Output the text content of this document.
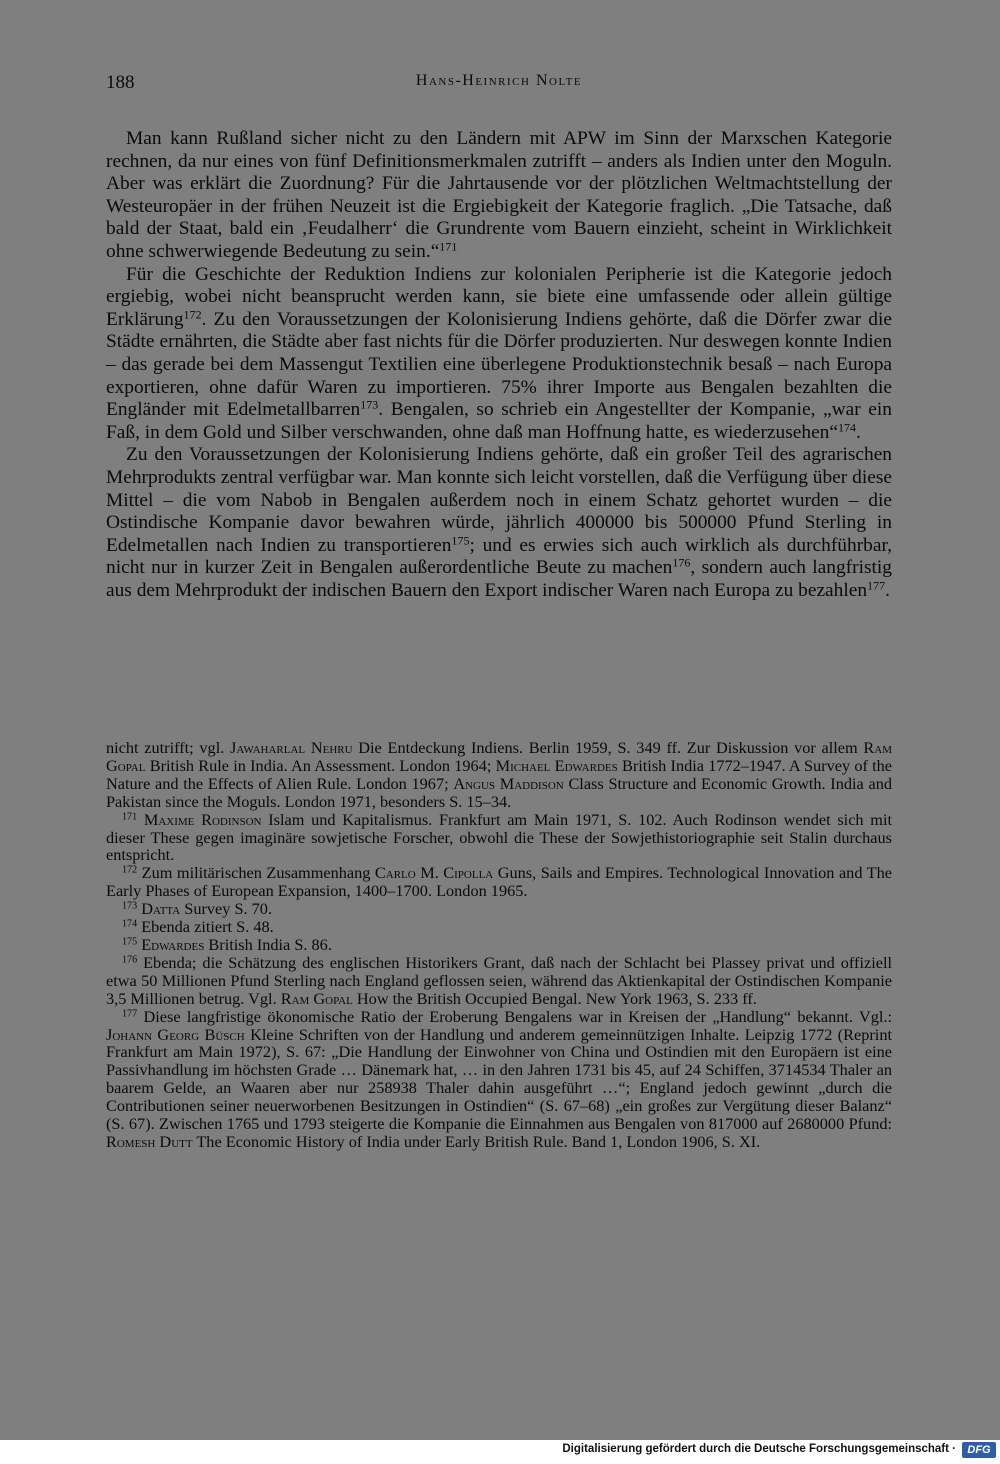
188	Hans-Heinrich Nolte

Man kann Rußland sicher nicht zu den Ländern mit APW im Sinn der Marxschen Kategorie rechnen, da nur eines von fünf Definitionsmerkmalen zutrifft – anders als Indien unter den Moguln. Aber was erklärt die Zuordnung? Für die Jahrtausende vor der plötzlichen Weltmachtstellung der Westeuropäer in der frühen Neuzeit ist die Ergiebigkeit der Kategorie fraglich. „Die Tatsache, daß bald der Staat, bald ein ‚Feudalherr‘ die Grundrente vom Bauern einzieht, scheint in Wirklichkeit ohne schwerwiegende Bedeutung zu sein.“$^{171}$

Für die Geschichte der Reduktion Indiens zur kolonialen Peripherie ist die Kategorie jedoch ergiebig, wobei nicht beansprucht werden kann, sie biete eine umfassende oder allein gültige Erklärung$^{172}$. Zu den Voraussetzungen der Kolonisierung Indiens gehörte, daß die Dörfer zwar die Städte ernährten, die Städte aber fast nichts für die Dörfer produzierten. Nur deswegen konnte Indien – das gerade bei dem Massengut Textilien eine überlegene Produktionstechnik besaß – nach Europa exportieren, ohne dafür Waren zu importieren. 75% ihrer Importe aus Bengalen bezahlten die Engländer mit Edelmetallbarren$^{173}$. Bengalen, so schrieb ein Angestellter der Kompanie, „war ein Faß, in dem Gold und Silber verschwanden, ohne daß man Hoffnung hatte, es wiederzusehen“$^{174}$.

Zu den Voraussetzungen der Kolonisierung Indiens gehörte, daß ein großer Teil des agrarischen Mehrprodukts zentral verfügbar war. Man konnte sich leicht vorstellen, daß die Verfügung über diese Mittel – die vom Nabob in Bengalen außerdem noch in einem Schatz gehortet wurden – die Ostindische Kompanie davor bewahren würde, jährlich 400000 bis 500000 Pfund Sterling in Edelmetallen nach Indien zu transportieren$^{175}$; und es erwies sich auch wirklich als durchführbar, nicht nur in kurzer Zeit in Bengalen außerordentliche Beute zu machen$^{176}$, sondern auch langfristig aus dem Mehrprodukt der indischen Bauern den Export indischer Waren nach Europa zu bezahlen$^{177}$.

nicht zutrifft; vgl. Jawaharlal Nehru Die Entdeckung Indiens. Berlin 1959, S. 349 ff. Zur Diskussion vor allem Ram Gopal British Rule in India. An Assessment. London 1964; Michael Edwardes British India 1772–1947. A Survey of the Nature and the Effects of Alien Rule. London 1967; Angus Maddison Class Structure and Economic Growth. India and Pakistan since the Moguls. London 1971, besonders S. 15–34.

$^{171}$ Maxime Rodinson Islam und Kapitalismus. Frankfurt am Main 1971, S. 102. Auch Rodinson wendet sich mit dieser These gegen imaginäre sowjetische Forscher, obwohl die These der Sowjethistoriographie seit Stalin durchaus entspricht.

$^{172}$ Zum militärischen Zusammenhang Carlo M. Cipolla Guns, Sails and Empires. Technological Innovation and The Early Phases of European Expansion, 1400–1700. London 1965.

$^{173}$ Datta Survey S. 70.

$^{174}$ Ebenda zitiert S. 48.

$^{175}$ Edwardes British India S. 86.

$^{176}$ Ebenda; die Schätzung des englischen Historikers Grant, daß nach der Schlacht bei Plassey privat und offiziell etwa 50 Millionen Pfund Sterling nach England geflossen seien, während das Aktienkapital der Ostindischen Kompanie 3,5 Millionen betrug. Vgl. Ram Gopal How the British Occupied Bengal. New York 1963, S. 233 ff.

$^{177}$ Diese langfristige ökonomische Ratio der Eroberung Bengalens war in Kreisen der „Handlung“ bekannt. Vgl.: Johann Georg Büsch Kleine Schriften von der Handlung und anderem gemeinnützigen Inhalte. Leipzig 1772 (Reprint Frankfurt am Main 1972), S. 67: „Die Handlung der Einwohner von China und Ostindien mit den Europäern ist eine Passivhandlung im höchsten Grade … Dänemark hat, … in den Jahren 1731 bis 45, auf 24 Schiffen, 3714534 Thaler an baarem Gelde, an Waaren aber nur 258938 Thaler dahin ausgeführt …“; England jedoch gewinnt „durch die Contributionen seiner neuerworbenen Besitzungen in Ostindien“ (S. 67–68) „ein großes zur Vergütung dieser Balanz“ (S. 67). Zwischen 1765 und 1793 steigerte die Kompanie die Einnahmen aus Bengalen von 817000 auf 2680000 Pfund: Romesh Dutt The Economic History of India under Early British Rule. Band 1, London 1906, S. XI.

Digitalisierung gefördert durch die Deutsche Forschungsgemeinschaft ·	DFG
